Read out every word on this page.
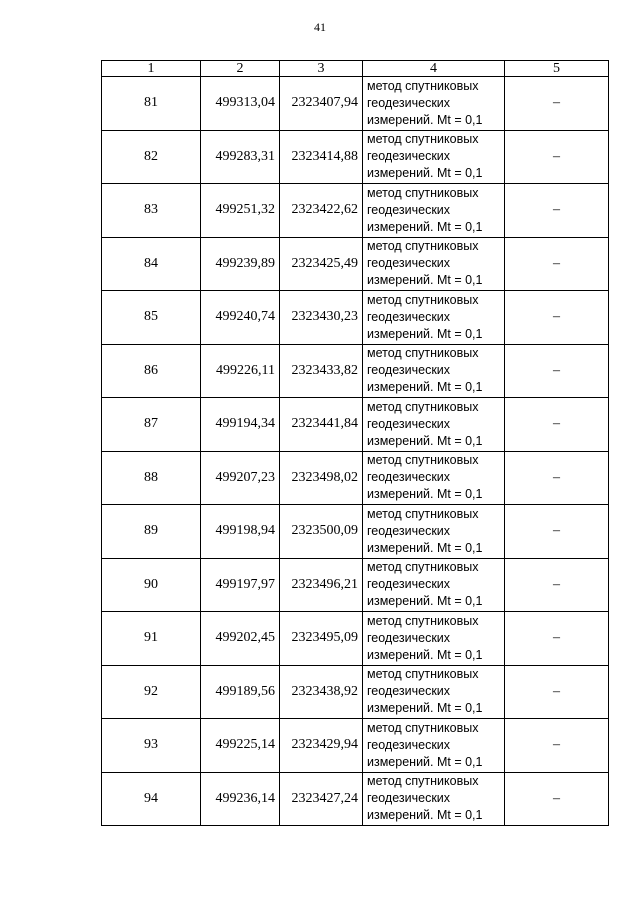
41
1	2	3	4	5
81	499313,04	2323407,94	метод спутниковых
геодезических
измерений. Mt = 0,1	–
82	499283,31	2323414,88	метод спутниковых
геодезических
измерений. Mt = 0,1	–
83	499251,32	2323422,62	метод спутниковых
геодезических
измерений. Mt = 0,1	–
84	499239,89	2323425,49	метод спутниковых
геодезических
измерений. Mt = 0,1	–
85	499240,74	2323430,23	метод спутниковых
геодезических
измерений. Mt = 0,1	–
86	499226,11	2323433,82	метод спутниковых
геодезических
измерений. Mt = 0,1	–
87	499194,34	2323441,84	метод спутниковых
геодезических
измерений. Mt = 0,1	–
88	499207,23	2323498,02	метод спутниковых
геодезических
измерений. Mt = 0,1	–
89	499198,94	2323500,09	метод спутниковых
геодезических
измерений. Mt = 0,1	–
90	499197,97	2323496,21	метод спутниковых
геодезических
измерений. Mt = 0,1	–
91	499202,45	2323495,09	метод спутниковых
геодезических
измерений. Mt = 0,1	–
92	499189,56	2323438,92	метод спутниковых
геодезических
измерений. Mt = 0,1	–
93	499225,14	2323429,94	метод спутниковых
геодезических
измерений. Mt = 0,1	–
94	499236,14	2323427,24	метод спутниковых
геодезических
измерений. Mt = 0,1	–
